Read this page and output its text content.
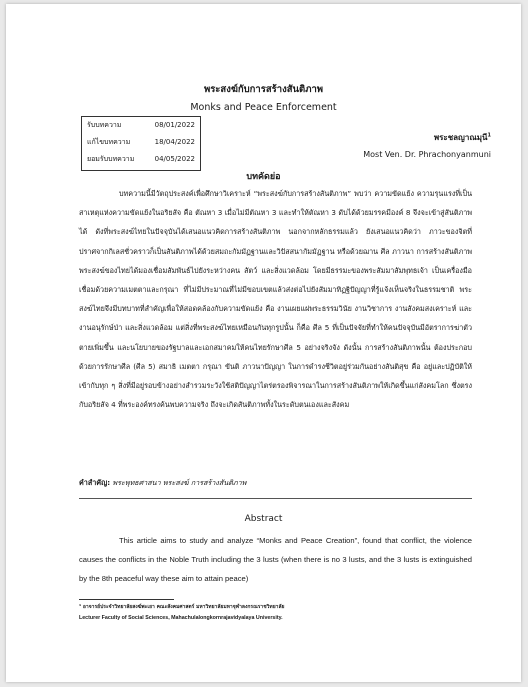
พระสงฆ์กับการสร้างสันติภาพ
Monks and Peace Enforcement
รับบทความ	08/01/2022
แก้ไขบทความ	18/04/2022
ยอมรับบทความ	04/05/2022
พระชลญาณมุนี$^1$
Most Ven. Dr. Phrachonyanmuni
บทคัดย่อ
บทความนี้มีวัตถุประสงค์เพื่อศึกษาวิเคราะห์ “พระสงฆ์กับการสร้างสันติภาพ” พบว่า ความขัดแย้ง ความรุนแรงที่เป็นสาเหตุแห่งความขัดแย้งในอริยสัจ คือ ตัณหา 3 เมื่อไม่มีตัณหา 3 และทำให้ตัณหา 3 ดับได้ด้วยมรรคมีองค์ 8 จึงจะเข้าสู่สันติภาพได้ ดังที่พระสงฆ์ไทยในปัจจุบันได้เสนอแนวคิดการสร้างสันติภาพ นอกจากหลักธรรมแล้ว ยังเสนอแนวคิดว่า ภาวะของจิตที่ปราศจากกิเลสชั่วคราวก็เป็นสันติภาพได้ด้วยสมถะกัมมัฏฐานและวิปัสสนากัมมัฏฐาน หรือด้วยฌาน ศีล ภาวนา การสร้างสันติภาพพระสงฆ์ของไทยได้มองเชื่อมสัมพันธ์ไปยังระหว่างคน สัตว์ และสิ่งแวดล้อม โดยมีธรรมะของพระสัมมาสัมพุทธเจ้า เป็นเครื่องมือเชื่อมด้วยความเมตตาและกรุณา ที่ไม่มีประมาณที่ไม่มีขอบเขตแล้วส่งต่อไปยังสัมมาทิฏฐิปัญญาที่รู้แจ้งเห็นจริงในธรรมชาติ พระสงฆ์ไทยจึงมีบทบาทที่สำคัญเพื่อให้สอดคล้องกับความขัดแย้ง คือ งานเผยแผ่พระธรรมวินัย งานวิชาการ งานสังคมสงเคราะห์ และงานอนุรักษ์ป่า และสิ่งแวดล้อม แต่สิ่งที่พระสงฆ์ไทยเหมือนกันทุกรูปนั้น ก็คือ ศีล 5 ที่เป็นปัจจัยที่ทำให้คนปัจจุบันมีอัตราการฆ่าตัวตายเพิ่มขึ้น และนโยบายของรัฐบาลและเอกสมาคมให้คนไทยรักษาศีล 5 อย่างจริงจัง ดังนั้น การสร้างสันติภาพนั้น ต้องประกอบด้วยการรักษาศีล (ศีล 5) สมาธิ เมตตา กรุณา ขันติ ภาวนาปัญญา ในการดำรงชีวิตอยู่ร่วมกันอย่างสันติสุข คือ อยู่และปฏิบัติให้เข้ากับทุก ๆ สิ่งที่มีอยู่รอบข้างอย่างสำรวมระวังใช้สติปัญญาไตร่ตรองพิจารณาในการสร้างสันติภาพให้เกิดขึ้นแก่สังคมโลก ซึ่งตรงกับอริยสัจ 4 ที่พระองค์ทรงค้นพบความจริง ถึงจะเกิดสันติภาพทั้งในระดับตนเองและสังคม
คำสำคัญ: พระพุทธศาสนา พระสงฆ์ การสร้างสันติภาพ
Abstract
This article aims to study and analyze “Monks and Peace Creation”, found that conflict, the violence causes the conflicts in the Noble Truth including the 3 lusts (when there is no 3 lusts, and the 3 lusts is extinguished by the 8th peaceful way these aim to attain peace)
¹ อาจารย์ประจำวิทยาลัยสงฆ์พะเยา คณะสังคมศาสตร์ มหาวิทยาลัยมหาจุฬาลงกรณราชวิทยาลัย
Lecturer Faculty of Social Sciences, Mahachulalongkornrajavidyalaya University.
